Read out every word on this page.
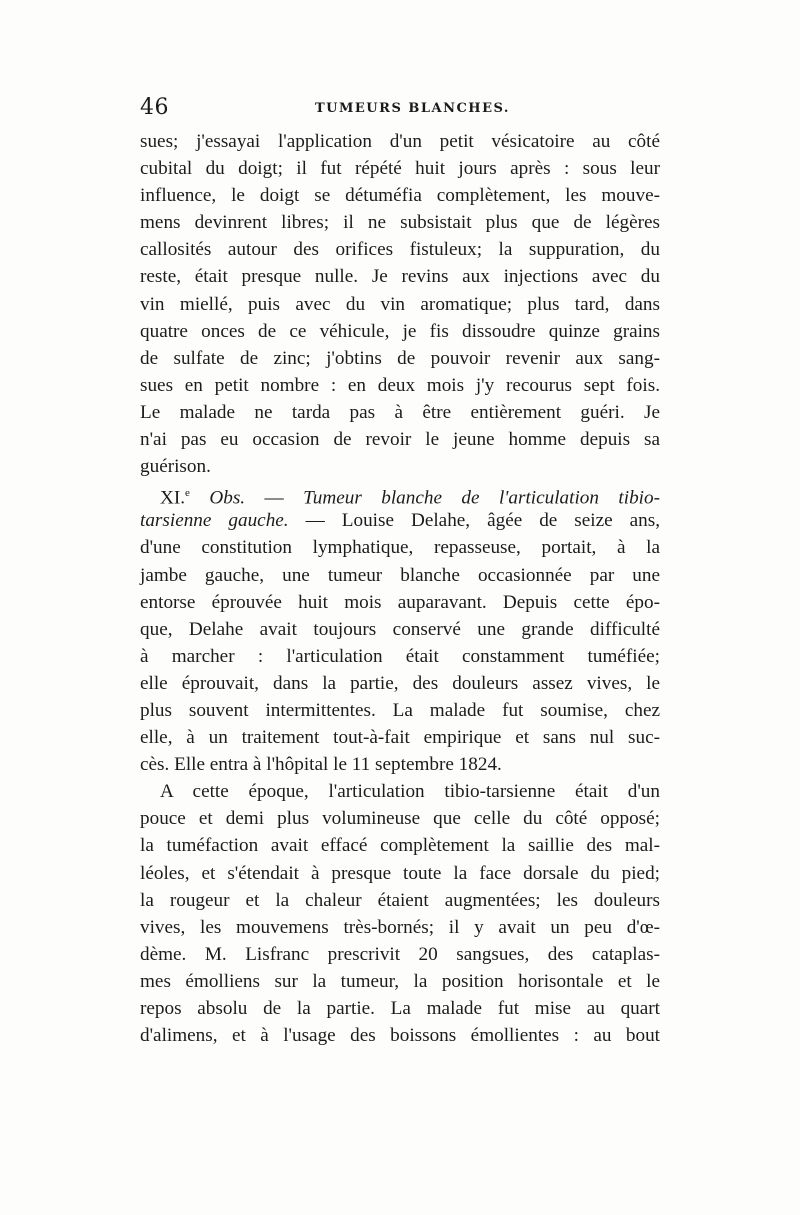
46	TUMEURS BLANCHES.
sues; j'essayai l'application d'un petit vésicatoire au côté
cubital du doigt; il fut répété huit jours après : sous leur
influence, le doigt se détuméfia complètement, les mouve-
mens devinrent libres; il ne subsistait plus que de légères
callosités autour des orifices fistuleux; la suppuration, du
reste, était presque nulle. Je revins aux injections avec du
vin miellé, puis avec du vin aromatique; plus tard, dans
quatre onces de ce véhicule, je fis dissoudre quinze grains
de sulfate de zinc; j'obtins de pouvoir revenir aux sang-
sues en petit nombre : en deux mois j'y recourus sept fois.
Le malade ne tarda pas à être entièrement guéri. Je
n'ai pas eu occasion de revoir le jeune homme depuis sa
guérison.
XI.$^e$ Obs. — Tumeur blanche de l'articulation tibio-
tarsienne gauche. — Louise Delahe, âgée de seize ans,
d'une constitution lymphatique, repasseuse, portait, à la
jambe gauche, une tumeur blanche occasionnée par une
entorse éprouvée huit mois auparavant. Depuis cette épo-
que, Delahe avait toujours conservé une grande difficulté
à marcher : l'articulation était constamment tuméfiée;
elle éprouvait, dans la partie, des douleurs assez vives, le
plus souvent intermittentes. La malade fut soumise, chez
elle, à un traitement tout-à-fait empirique et sans nul suc-
cès. Elle entra à l'hôpital le 11 septembre 1824.
A cette époque, l'articulation tibio-tarsienne était d'un
pouce et demi plus volumineuse que celle du côté opposé;
la tuméfaction avait effacé complètement la saillie des mal-
léoles, et s'étendait à presque toute la face dorsale du pied;
la rougeur et la chaleur étaient augmentées; les douleurs
vives, les mouvemens très-bornés; il y avait un peu d'œ-
dème. M. Lisfranc prescrivit 20 sangsues, des cataplas-
mes émolliens sur la tumeur, la position horisontale et le
repos absolu de la partie. La malade fut mise au quart
d'alimens, et à l'usage des boissons émollientes : au bout
